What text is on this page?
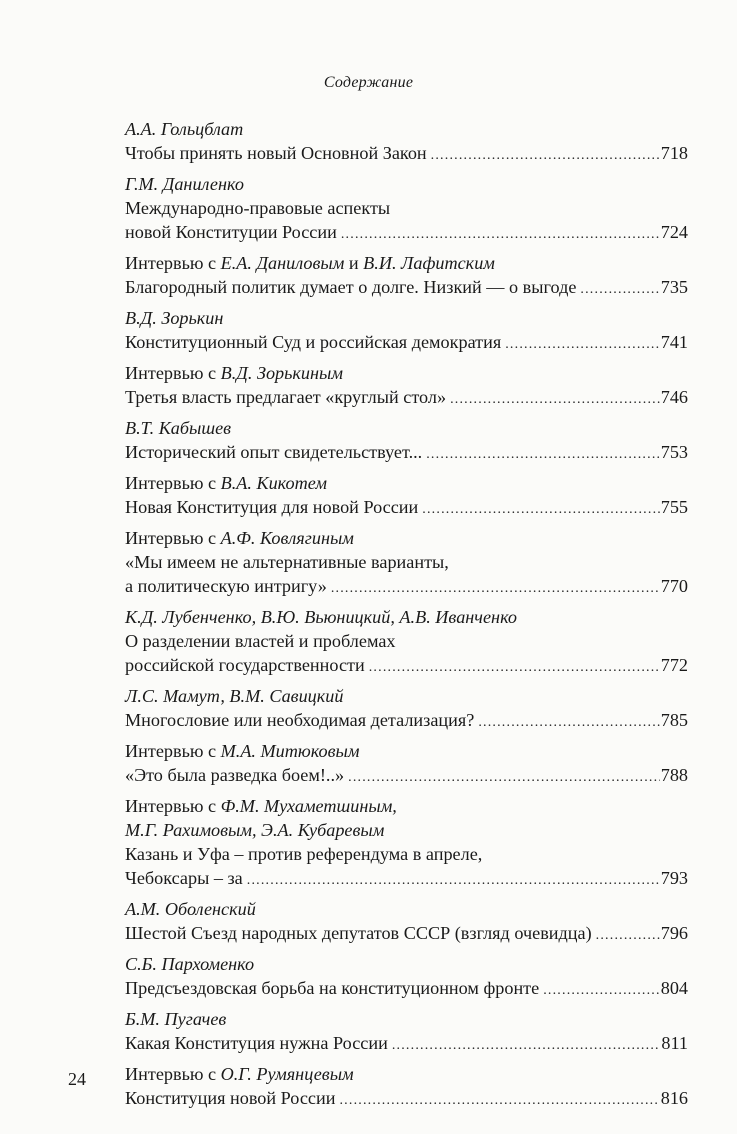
Содержание
А.А. Гольцблат
Чтобы принять новый Основной Закон .....	718
Г.М. Даниленко
Международно-правовые аспекты
новой Конституции России .....	724
Интервью с Е.А. Даниловым и В.И. Лафитским
Благородный политик думает о долге. Низкий — о выгоде .....	735
В.Д. Зорькин
Конституционный Суд и российская демократия .....	741
Интервью с В.Д. Зорькиным
Третья власть предлагает «круглый стол» .....	746
В.Т. Кабышев
Исторический опыт свидетельствует... .....	753
Интервью с В.А. Кикотем
Новая Конституция для новой России .....	755
Интервью с А.Ф. Ковлягиным
«Мы имеем не альтернативные варианты,
а политическую интригу» .....	770
К.Д. Лубенченко, В.Ю. Вьюницкий, А.В. Иванченко
О разделении властей и проблемах
российской государственности .....	772
Л.С. Мамут, В.М. Савицкий
Многословие или необходимая детализация? .....	785
Интервью с М.А. Митюковым
«Это была разведка боем!..» .....	788
Интервью с Ф.М. Мухаметшиным,
М.Г. Рахимовым, Э.А. Кубаревым
Казань и Уфа – против референдума в апреле,
Чебоксары – за .....	793
А.М. Оболенский
Шестой Съезд народных депутатов СССР (взгляд очевидца) .....	796
С.Б. Пархоменко
Предсъездовская борьба на конституционном фронте .....	804
Б.М. Пугачев
Какая Конституция нужна России .....	811
Интервью с О.Г. Румянцевым
Конституция новой России .....	816
24
